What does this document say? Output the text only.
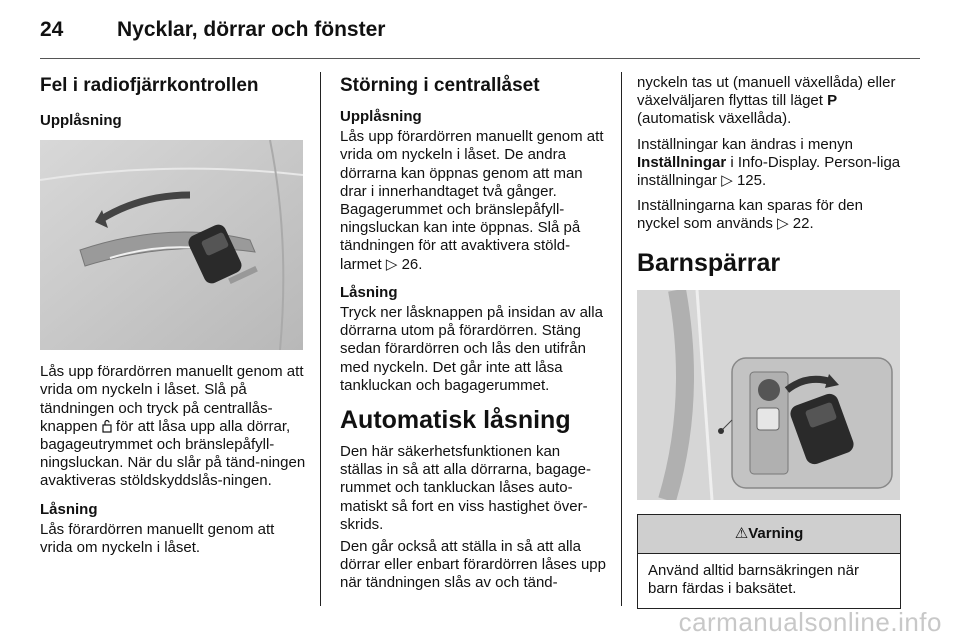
24	Nycklar, dörrar och fönster
Fel i radiofjärrkontrollen
Upplåsning

Lås upp förardörren manuellt genom att vrida om nyckeln i låset. Slå på tändningen och tryck på centrallås-knappen för att låsa upp alla dörrar, bagageutrymmet och bränslepåfyll-ningsluckan. När du slår på tänd-ningen avaktiveras stöldskyddslås-ningen.

Låsning

Lås förardörren manuellt genom att vrida om nyckeln i låset.

Störning i centrallåset
Upplåsning

Lås upp förardörren manuellt genom att vrida om nyckeln i låset. De andra dörrarna kan öppnas genom att man drar i innerhandtaget två gånger. Bagagerummet och bränslepåfyll-ningsluckan kan inte öppnas. Slå på tändningen för att avaktivera stöld-larmet ▷ 26.

Låsning

Tryck ner låsknappen på insidan av alla dörrarna utom på förardörren. Stäng sedan förardörren och lås den utifrån med nyckeln. Det går inte att låsa tankluckan och bagagerummet.

Automatisk låsning

Den här säkerhetsfunktionen kan ställas in så att alla dörrarna, bagage-rummet och tankluckan låses auto-matiskt så fort en viss hastighet över-skrids.

Den går också att ställa in så att alla dörrar eller enbart förardörren låses upp när tändningen slås av och tänd-

nyckeln tas ut (manuell växellåda) eller växelväljaren flyttas till läget P (automatisk växellåda).

Inställningar kan ändras i menyn Inställningar i Info-Display. Person-liga inställningar ▷ 125.

Inställningarna kan sparas för den nyckel som används ▷ 22.

Barnspärrar
⚠Varning
Använd alltid barnsäkringen när barn färdas i baksätet.
carmanualsonline.info
